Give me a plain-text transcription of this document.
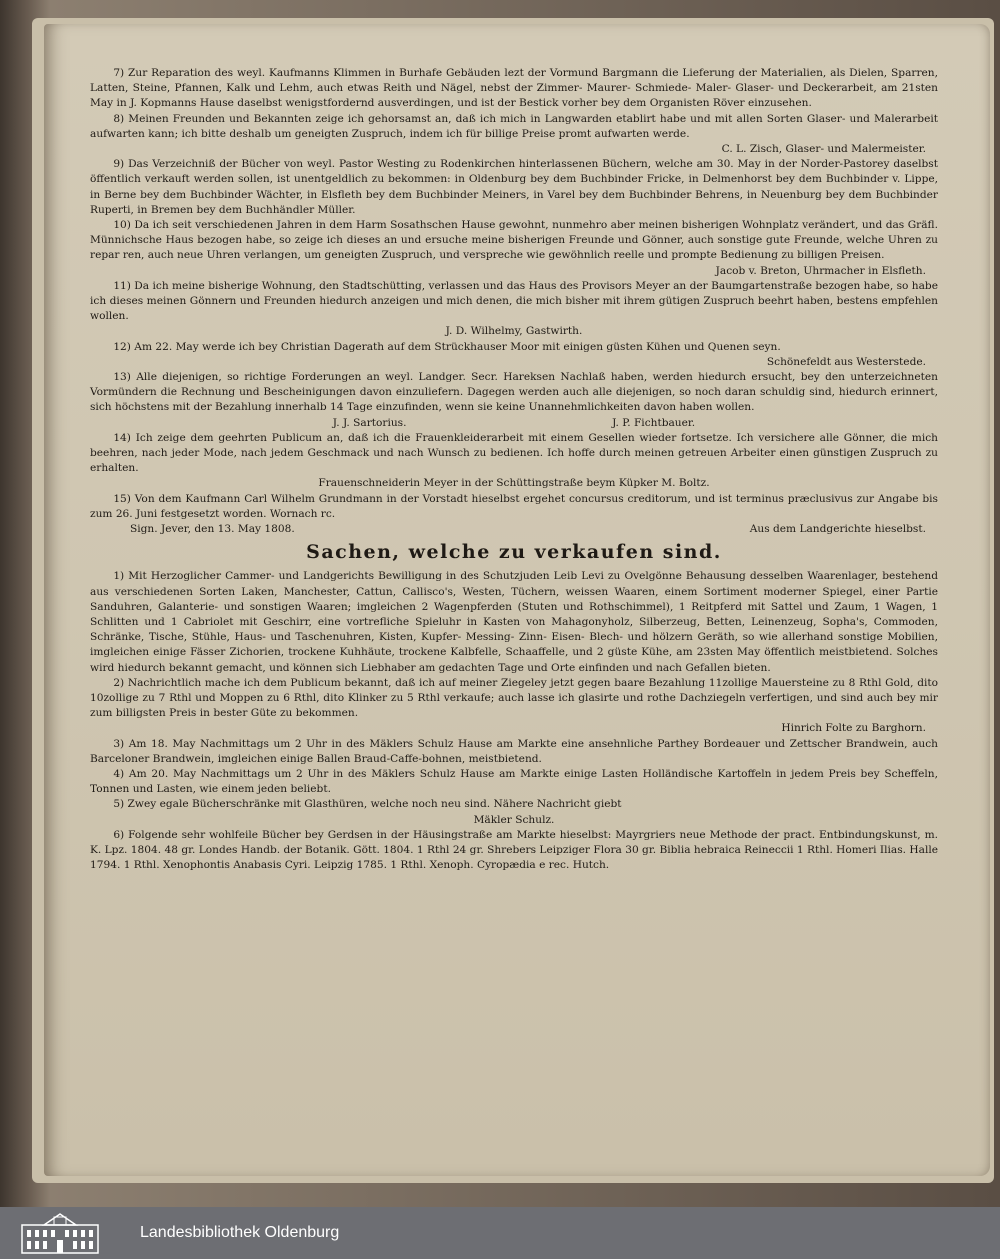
7) Zur Reparation des weyl. Kaufmanns Klimmen in Burhafe Gebäuden lezt der Vormund Bargmann die Lieferung der Materialien, als Dielen, Sparren, Latten, Steine, Pfannen, Kalk und Lehm, auch etwas Reith und Nägel, nebst der Zimmer- Maurer- Schmiede- Maler- Glaser- und Deckerarbeit, am 21sten May in J. Kopmanns Hause daselbst wenigstfordernd ausverdingen, und ist der Bestick vorher bey dem Organisten Röver einzusehen.

8) Meinen Freunden und Bekannten zeige ich gehorsamst an, daß ich mich in Langwarden etablirt habe und mit allen Sorten Glaser- und Malerarbeit aufwarten kann; ich bitte deshalb um geneigten Zuspruch, indem ich für billige Preise promt aufwarten werde.

C. L. Zisch, Glaser- und Malermeister.

9) Das Verzeichniß der Bücher von weyl. Pastor Westing zu Rodenkirchen hinterlassenen Büchern, welche am 30. May in der Norder-Pastorey daselbst öffentlich verkauft werden sollen, ist unentgeldlich zu bekommen: in Oldenburg bey dem Buchbinder Fricke, in Delmenhorst bey dem Buchbinder v. Lippe, in Berne bey dem Buchbinder Wächter, in Elsfleth bey dem Buchbinder Meiners, in Varel bey dem Buchbinder Behrens, in Neuenburg bey dem Buchbinder Ruperti, in Bremen bey dem Buchhändler Müller.

10) Da ich seit verschiedenen Jahren in dem Harm Sosathschen Hause gewohnt, nunmehro aber meinen bisherigen Wohnplatz verändert, und das Gräfl. Münnichsche Haus bezogen habe, so zeige ich dieses an und ersuche meine bisherigen Freunde und Gönner, auch sonstige gute Freunde, welche Uhren zu repar ren, auch neue Uhren verlangen, um geneigten Zuspruch, und verspreche wie gewöhnlich reelle und prompte Bedienung zu billigen Preisen.

Jacob v. Breton, Uhrmacher in Elsfleth.

11) Da ich meine bisherige Wohnung, den Stadtschütting, verlassen und das Haus des Provisors Meyer an der Baumgartenstraße bezogen habe, so habe ich dieses meinen Gönnern und Freunden hiedurch anzeigen und mich denen, die mich bisher mit ihrem gütigen Zuspruch beehrt haben, bestens empfehlen wollen.

J. D. Wilhelmy, Gastwirth.

12) Am 22. May werde ich bey Christian Dagerath auf dem Strückhauser Moor mit einigen güsten Kühen und Quenen seyn.

Schönefeldt aus Westerstede.

13) Alle diejenigen, so richtige Forderungen an weyl. Landger. Secr. Hareksen Nachlaß haben, werden hiedurch ersucht, bey den unterzeichneten Vormündern die Rechnung und Bescheinigungen davon einzuliefern. Dagegen werden auch alle diejenigen, so noch daran schuldig sind, hiedurch erinnert, sich höchstens mit der Bezahlung innerhalb 14 Tage einzufinden, wenn sie keine Unannehmlichkeiten davon haben wollen.

J. J. Sartorius.	J. P. Fichtbauer.

14) Ich zeige dem geehrten Publicum an, daß ich die Frauenkleiderarbeit mit einem Gesellen wieder fortsetze. Ich versichere alle Gönner, die mich beehren, nach jeder Mode, nach jedem Geschmack und nach Wunsch zu bedienen. Ich hoffe durch meinen getreuen Arbeiter einen günstigen Zuspruch zu erhalten.

Frauenschneiderin Meyer in der Schüttingstraße beym Küpker M. Boltz.

15) Von dem Kaufmann Carl Wilhelm Grundmann in der Vorstadt hieselbst ergehet concursus creditorum, und ist terminus præclusivus zur Angabe bis zum 26. Juni festgesetzt worden. Wornach rc.

Sign. Jever, den 13. May 1808.	Aus dem Landgerichte hieselbst.
Sachen, welche zu verkaufen sind.

1) Mit Herzoglicher Cammer- und Landgerichts Bewilligung in des Schutzjuden Leib Levi zu Ovelgönne Behausung desselben Waarenlager, bestehend aus verschiedenen Sorten Laken, Manchester, Cattun, Callisco's, Westen, Tüchern, weissen Waaren, einem Sortiment moderner Spiegel, einer Partie Sanduhren, Galanterie- und sonstigen Waaren; imgleichen 2 Wagenpferden (Stuten und Rothschimmel), 1 Reitpferd mit Sattel und Zaum, 1 Wagen, 1 Schlitten und 1 Cabriolet mit Geschirr, eine vortrefliche Spieluhr in Kasten von Mahagonyholz, Silberzeug, Betten, Leinenzeug, Sopha's, Commoden, Schränke, Tische, Stühle, Haus- und Taschenuhren, Kisten, Kupfer- Messing- Zinn- Eisen- Blech- und hölzern Geräth, so wie allerhand sonstige Mobilien, imgleichen einige Fässer Zichorien, trockene Kuhhäute, trockene Kalbfelle, Schaaffelle, und 2 güste Kühe, am 23sten May öffentlich meistbietend. Solches wird hiedurch bekannt gemacht, und können sich Liebhaber am gedachten Tage und Orte einfinden und nach Gefallen bieten.

2) Nachrichtlich mache ich dem Publicum bekannt, daß ich auf meiner Ziegeley jetzt gegen baare Bezahlung 11zollige Mauersteine zu 8 Rthl Gold, dito 10zollige zu 7 Rthl und Moppen zu 6 Rthl, dito Klinker zu 5 Rthl verkaufe; auch lasse ich glasirte und rothe Dachziegeln verfertigen, und sind auch bey mir zum billigsten Preis in bester Güte zu bekommen.

Hinrich Folte zu Barghorn.

3) Am 18. May Nachmittags um 2 Uhr in des Mäklers Schulz Hause am Markte eine ansehnliche Parthey Bordeauer und Zettscher Brandwein, auch Barceloner Brandwein, imgleichen einige Ballen Braud-Caffe-bohnen, meistbietend.

4) Am 20. May Nachmittags um 2 Uhr in des Mäklers Schulz Hause am Markte einige Lasten Holländische Kartoffeln in jedem Preis bey Scheffeln, Tonnen und Lasten, wie einem jeden beliebt.

5) Zwey egale Bücherschränke mit Glasthüren, welche noch neu sind. Nähere Nachricht giebt

Mäkler Schulz.

6) Folgende sehr wohlfeile Bücher bey Gerdsen in der Häusingstraße am Markte hieselbst: Mayrgriers neue Methode der pract. Entbindungskunst, m. K. Lpz. 1804. 48 gr. Londes Handb. der Botanik. Gött. 1804. 1 Rthl 24 gr. Shrebers Leipziger Flora 30 gr. Biblia hebraica Reineccii 1 Rthl. Homeri Ilias. Halle 1794. 1 Rthl. Xenophontis Anabasis Cyri. Leipzig 1785. 1 Rthl. Xenoph. Cyropædia e rec. Hutch.

Landesbibliothek Oldenburg
